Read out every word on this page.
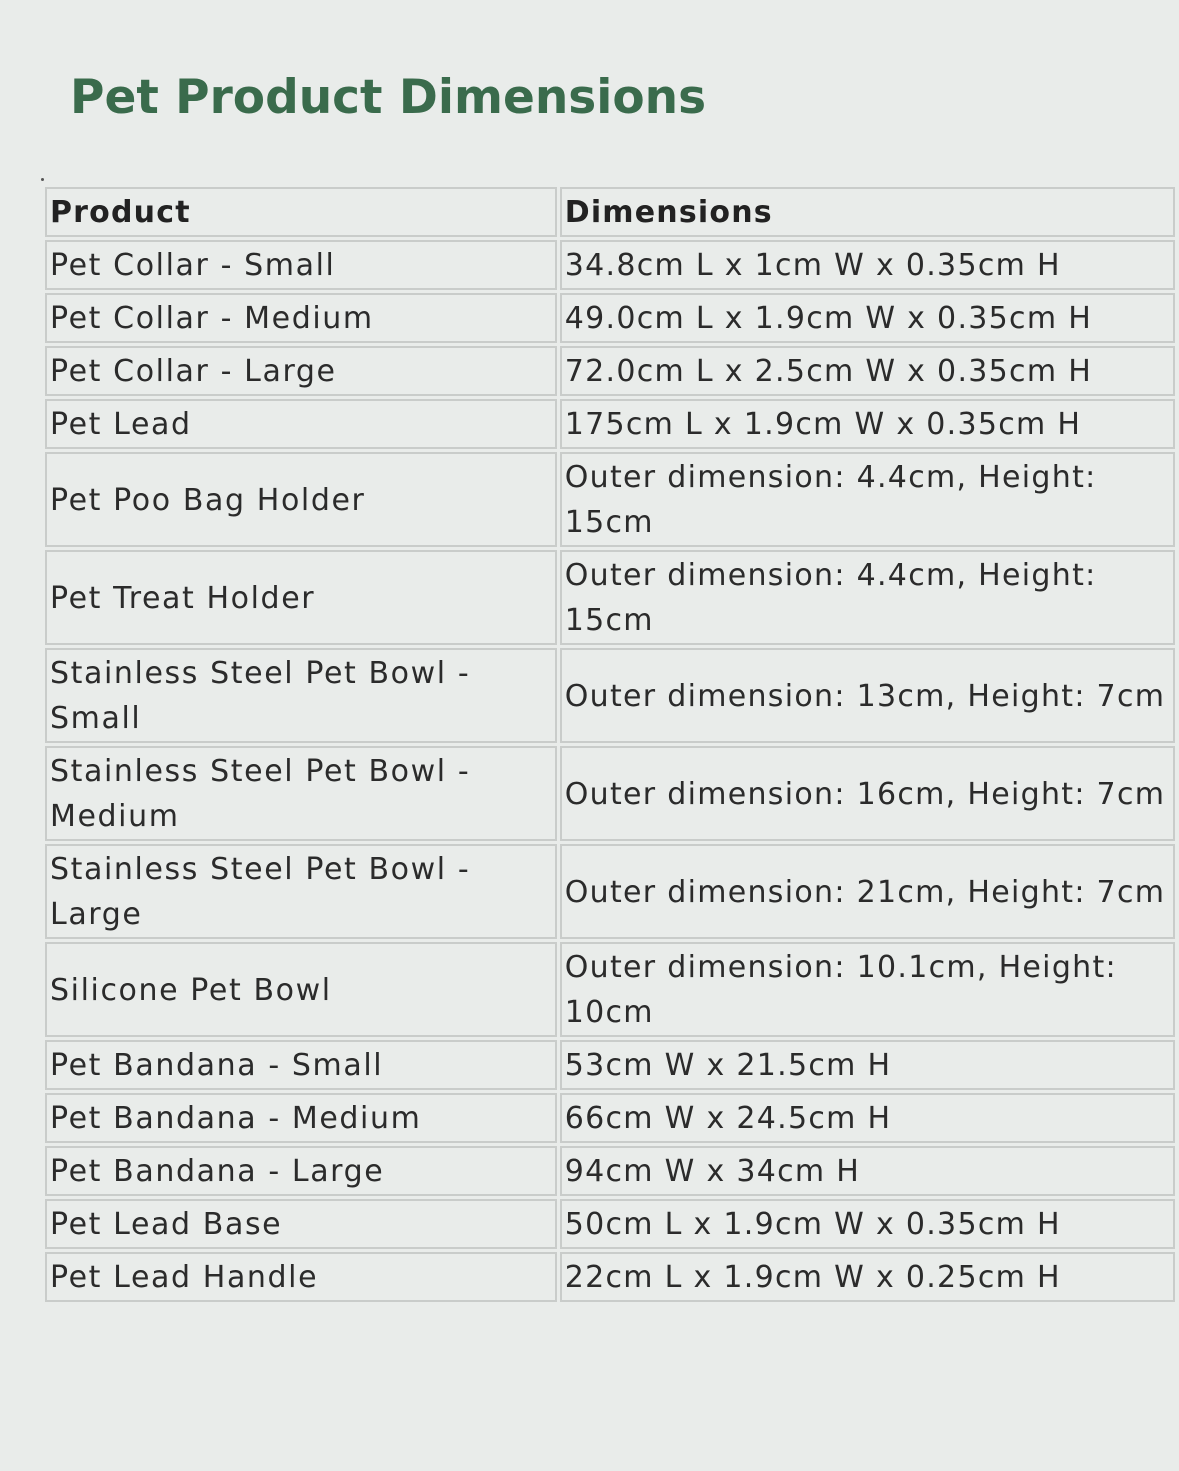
Pet Product Dimensions
Product	Dimensions
Pet Collar - Small	34.8cm L x 1cm W x 0.35cm H
Pet Collar - Medium	49.0cm L x 1.9cm W x 0.35cm H
Pet Collar - Large	72.0cm L x 2.5cm W x 0.35cm H
Pet Lead	175cm L x 1.9cm W x 0.35cm H
Pet Poo Bag Holder	Outer dimension: 4.4cm, Height: 15cm
Pet Treat Holder	Outer dimension: 4.4cm, Height: 15cm
Stainless Steel Pet Bowl - Small	Outer dimension: 13cm, Height: 7cm
Stainless Steel Pet Bowl - Medium	Outer dimension: 16cm, Height: 7cm
Stainless Steel Pet Bowl - Large	Outer dimension: 21cm, Height: 7cm
Silicone Pet Bowl	Outer dimension: 10.1cm, Height: 10cm
Pet Bandana - Small	53cm W x 21.5cm H
Pet Bandana - Medium	66cm W x 24.5cm H
Pet Bandana - Large	94cm W x 34cm H
Pet Lead Base	50cm L x 1.9cm W x 0.35cm H
Pet Lead Handle	22cm L x 1.9cm W x 0.25cm H
